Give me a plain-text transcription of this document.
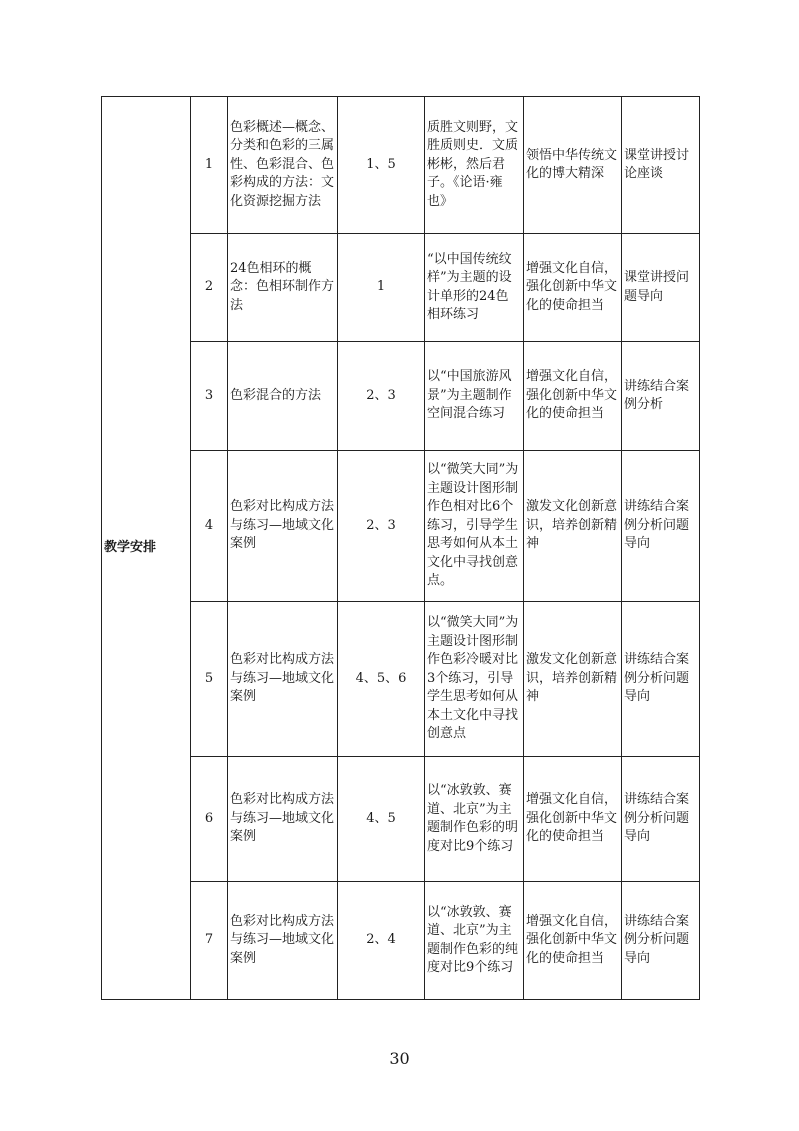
教学安排	1	色彩概述—概念、分类和色彩的三属性、色彩混合、色彩构成的方法：文化资源挖掘方法	1、5	质胜文则野，文胜质则史．文质彬彬，然后君子。《论语·雍也》	领悟中华传统文化的博大精深	课堂讲授讨论座谈
	2	24色相环的概念：色相环制作方法	1	“以中国传统纹样”为主题的设计单形的24色相环练习	增强文化自信，强化创新中华文化的使命担当	课堂讲授问题导向
	3	色彩混合的方法	2、3	以“中国旅游风景”为主题制作空间混合练习	增强文化自信，强化创新中华文化的使命担当	讲练结合案例分析
	4	色彩对比构成方法与练习—地域文化案例	2、3	以“微笑大同”为主题设计图形制作色相对比6个练习，引导学生思考如何从本土文化中寻找创意点。	激发文化创新意识，培养创新精神	讲练结合案例分析问题导向
	5	色彩对比构成方法与练习—地域文化案例	4、5、6	以“微笑大同”为主题设计图形制作色彩冷暖对比3个练习，引导学生思考如何从本土文化中寻找创意点	激发文化创新意识，培养创新精神	讲练结合案例分析问题导向
	6	色彩对比构成方法与练习—地域文化案例	4、5	以“冰敦敦、赛道、北京”为主题制作色彩的明度对比9个练习	增强文化自信，强化创新中华文化的使命担当	讲练结合案例分析问题导向
	7	色彩对比构成方法与练习—地域文化案例	2、4	以“冰敦敦、赛道、北京”为主题制作色彩的纯度对比9个练习	增强文化自信，强化创新中华文化的使命担当	讲练结合案例分析问题导向
30
